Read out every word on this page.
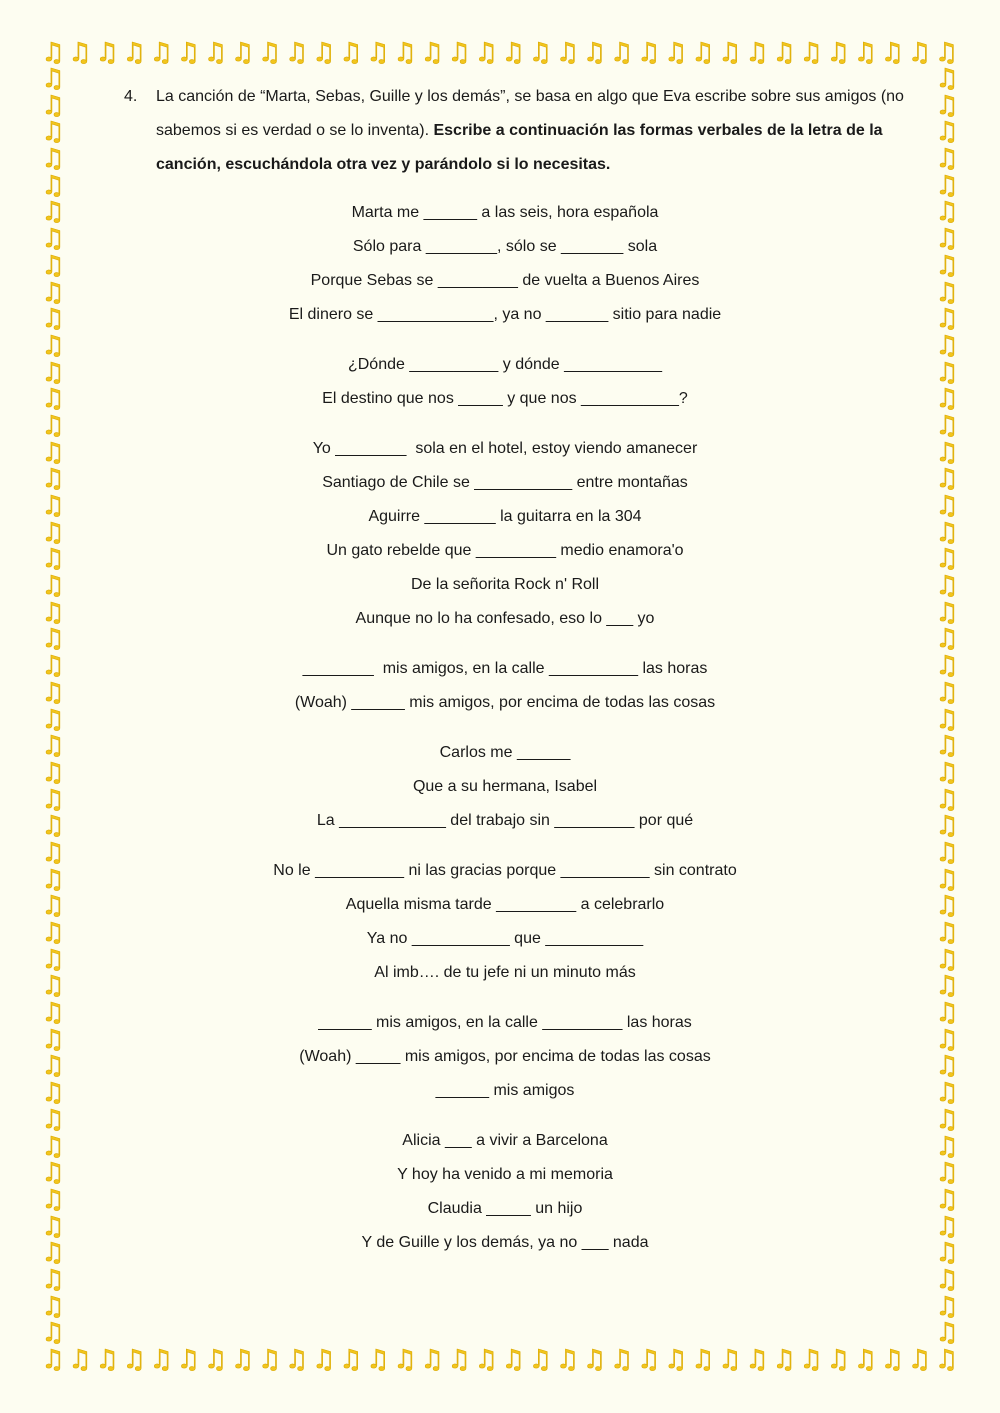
♫ ♫ ♫ ♫ ♫ ♫ ♫ ♫ ♫ ♫ ♫ ♫ ♫ ♫ ♫ ♫ ♫ ♫ ♫ ♫ ♫ ♫ ♫ ♫ ♫ ♫ ♫ ♫ ♫ ♫ ♫ ♫ ♫ ♫
♫ ♫ ♫ ♫ ♫ ♫ ♫ ♫ ♫ ♫ ♫ ♫ ♫ ♫ ♫ ♫ ♫ ♫ ♫ ♫ ♫ ♫ ♫ ♫ ♫ ♫ ♫ ♫ ♫ ♫ ♫ ♫ ♫ ♫
♫
♫
♫
♫
♫
♫
♫
♫
♫
♫
♫
♫
♫
♫
♫
♫
♫
♫
♫
♫
♫
♫
♫
♫
♫
♫
♫
♫
♫
♫
♫
♫
♫
♫
♫
♫
♫
♫
♫
♫
♫
♫
♫
♫
♫
♫
♫
♫
♫
♫
♫
♫
♫
♫
♫
♫
♫
♫
♫
♫
♫
♫
♫
♫
♫
♫
♫
♫
♫
♫
♫
♫
♫
♫
♫
♫
♫
♫
♫
♫
♫
♫
♫
♫
♫
♫
♫
♫
♫
♫
♫
♫
♫
♫
♫
♫
4. La canción de “Marta, Sebas, Guille y los demás”, se basa en algo que Eva escribe sobre sus amigos (no sabemos si es verdad o se lo inventa). Escribe a continuación las formas verbales de la letra de la canción, escuchándola otra vez y parándolo si lo necesitas.
Marta me ______ a las seis, hora española
Sólo para ________, sólo se _______ sola
Porque Sebas se _________ de vuelta a Buenos Aires
El dinero se _____________, ya no _______ sitio para nadie
¿Dónde __________ y dónde ___________
El destino que nos _____ y que nos ___________?
Yo ________  sola en el hotel, estoy viendo amanecer
Santiago de Chile se ___________ entre montañas
Aguirre ________ la guitarra en la 304
Un gato rebelde que _________ medio enamora'o
De la señorita Rock n' Roll
Aunque no lo ha confesado, eso lo ___ yo
________  mis amigos, en la calle __________ las horas
(Woah) ______ mis amigos, por encima de todas las cosas
Carlos me ______
Que a su hermana, Isabel
La ____________ del trabajo sin _________ por qué
No le __________ ni las gracias porque __________ sin contrato
Aquella misma tarde _________ a celebrarlo
Ya no ___________ que ___________
Al imb…. de tu jefe ni un minuto más
______ mis amigos, en la calle _________ las horas
(Woah) _____ mis amigos, por encima de todas las cosas
______ mis amigos
Alicia ___ a vivir a Barcelona
Y hoy ha venido a mi memoria
Claudia _____ un hijo
Y de Guille y los demás, ya no ___ nada
